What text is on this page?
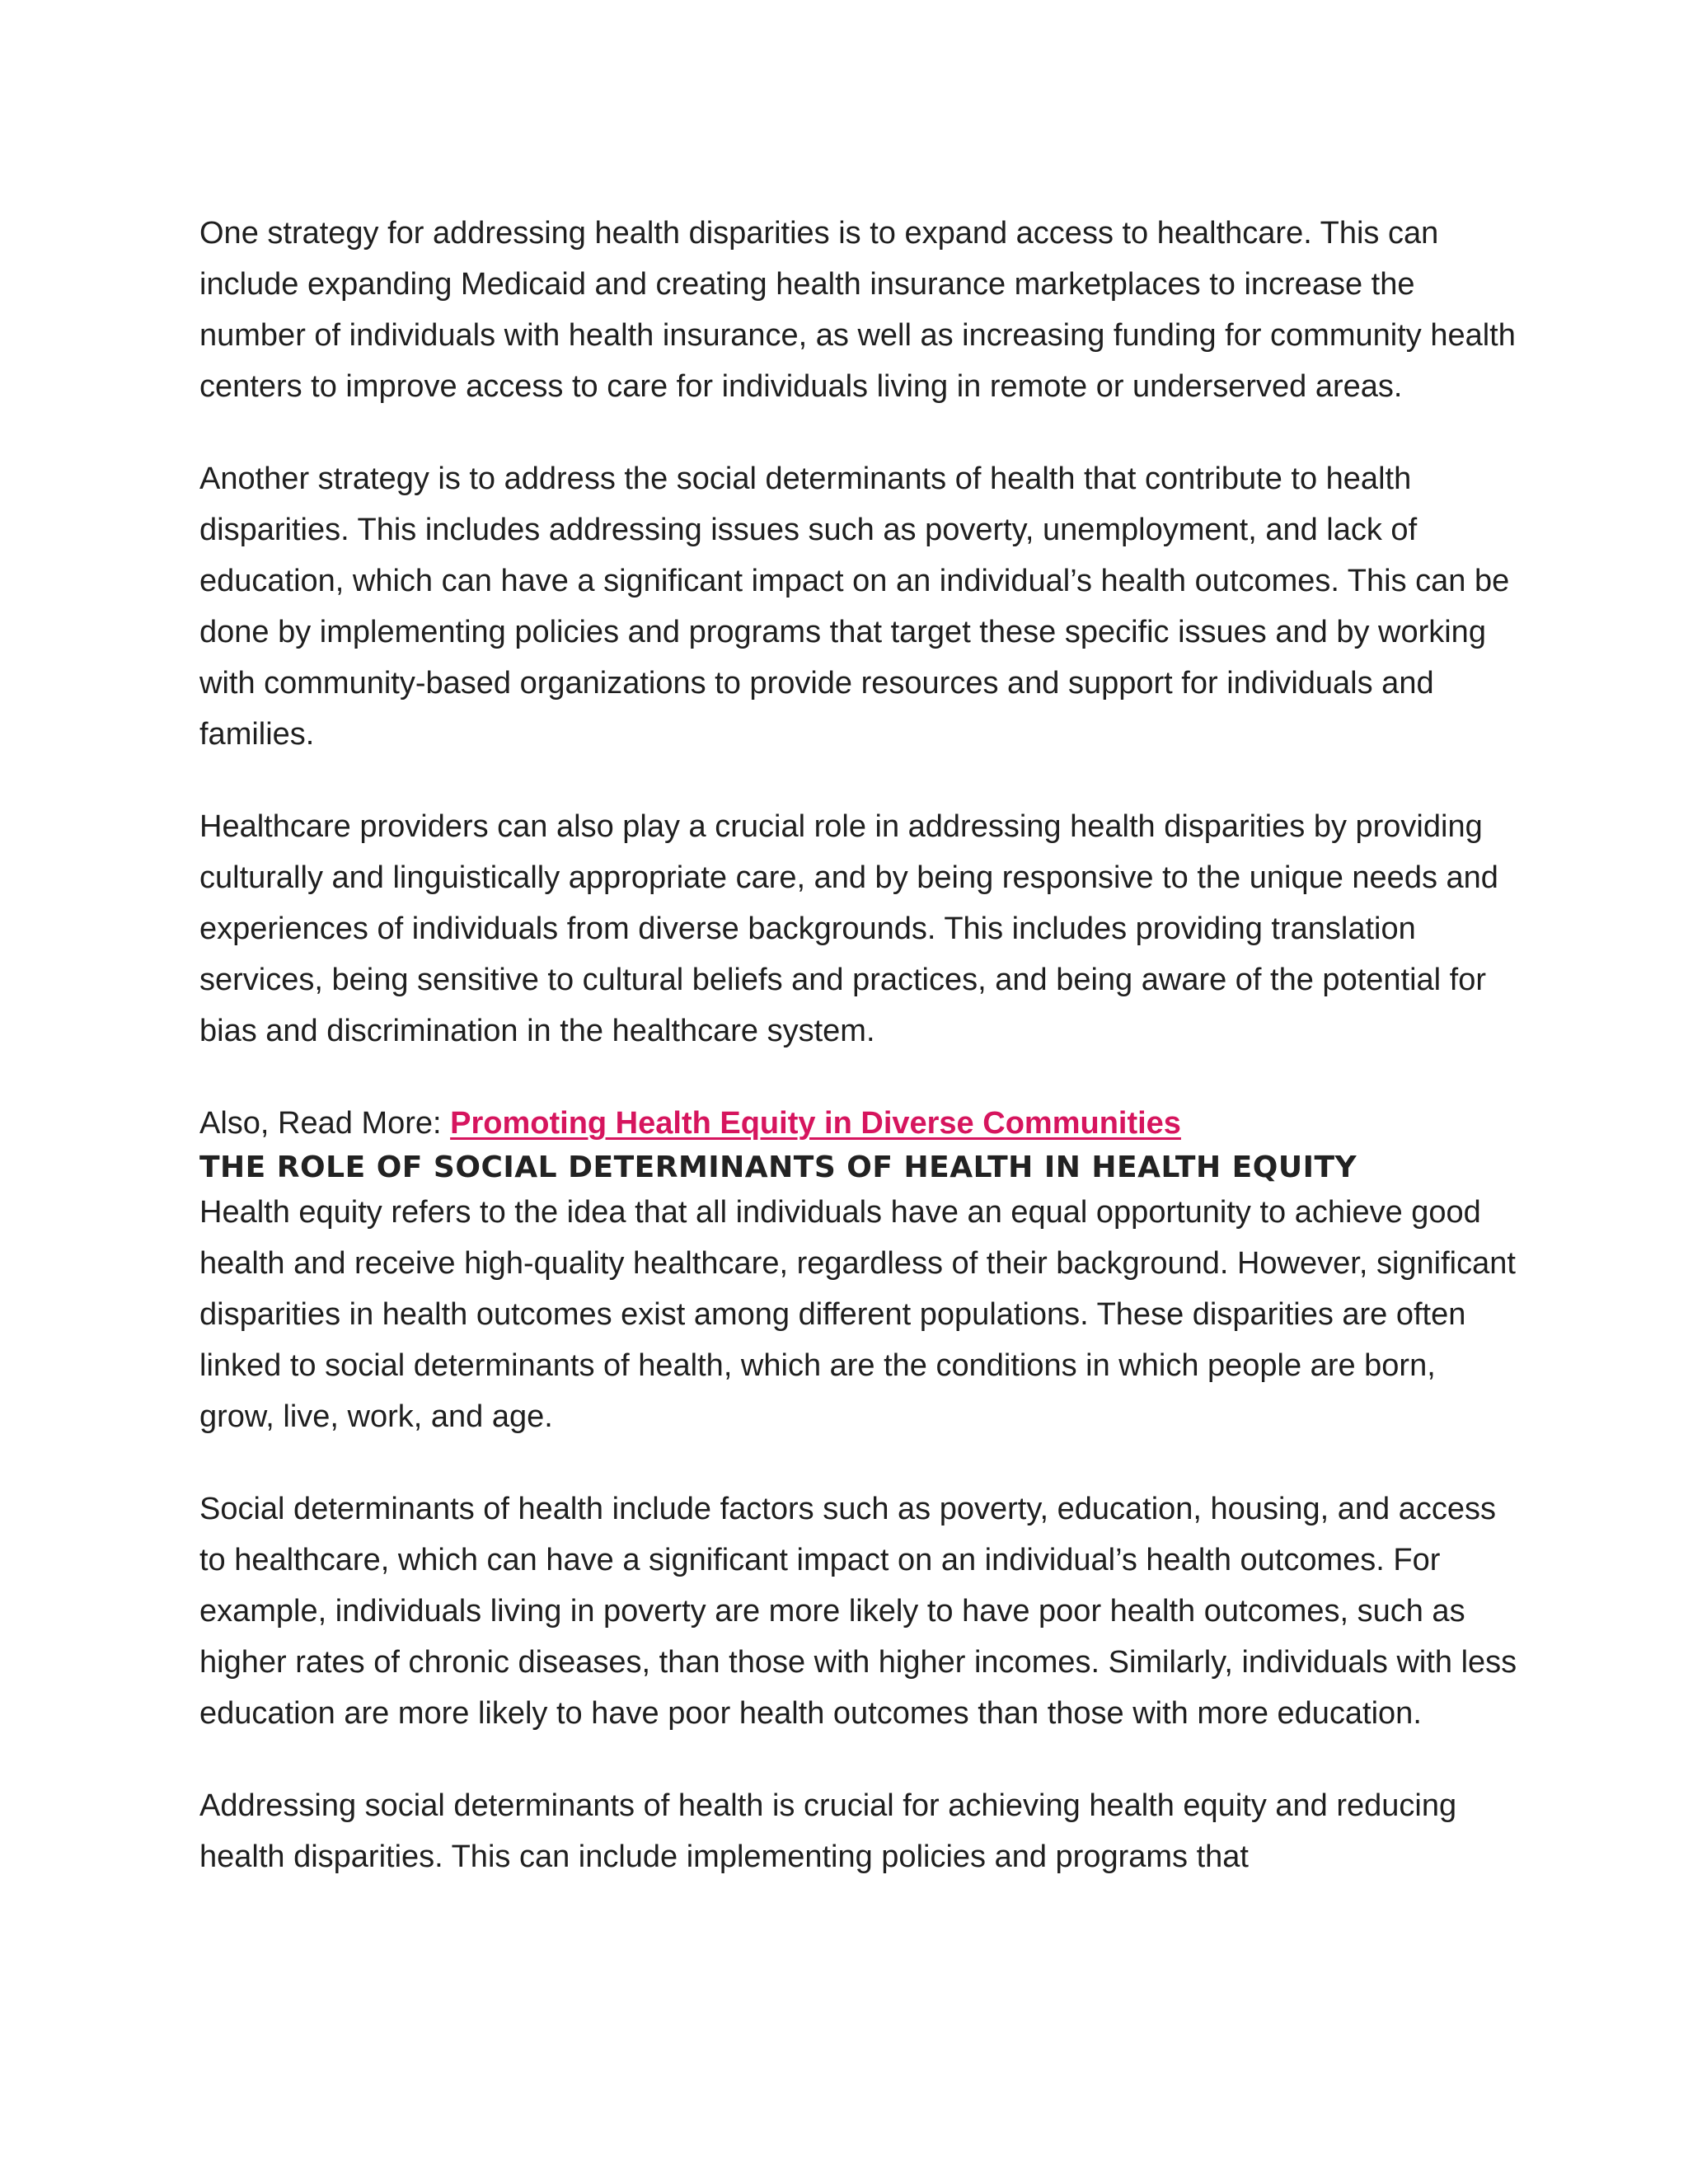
One strategy for addressing health disparities is to expand access to healthcare. This can include expanding Medicaid and creating health insurance marketplaces to increase the number of individuals with health insurance, as well as increasing funding for community health centers to improve access to care for individuals living in remote or underserved areas.

Another strategy is to address the social determinants of health that contribute to health disparities. This includes addressing issues such as poverty, unemployment, and lack of education, which can have a significant impact on an individual’s health outcomes. This can be done by implementing policies and programs that target these specific issues and by working with community-based organizations to provide resources and support for individuals and families.

Healthcare providers can also play a crucial role in addressing health disparities by providing culturally and linguistically appropriate care, and by being responsive to the unique needs and experiences of individuals from diverse backgrounds. This includes providing translation services, being sensitive to cultural beliefs and practices, and being aware of the potential for bias and discrimination in the healthcare system.

Also, Read More: Promoting Health Equity in Diverse Communities
THE ROLE OF SOCIAL DETERMINANTS OF HEALTH IN HEALTH EQUITY

Health equity refers to the idea that all individuals have an equal opportunity to achieve good health and receive high-quality healthcare, regardless of their background. However, significant disparities in health outcomes exist among different populations. These disparities are often linked to social determinants of health, which are the conditions in which people are born, grow, live, work, and age.

Social determinants of health include factors such as poverty, education, housing, and access to healthcare, which can have a significant impact on an individual’s health outcomes. For example, individuals living in poverty are more likely to have poor health outcomes, such as higher rates of chronic diseases, than those with higher incomes. Similarly, individuals with less education are more likely to have poor health outcomes than those with more education.

Addressing social determinants of health is crucial for achieving health equity and reducing health disparities. This can include implementing policies and programs that
